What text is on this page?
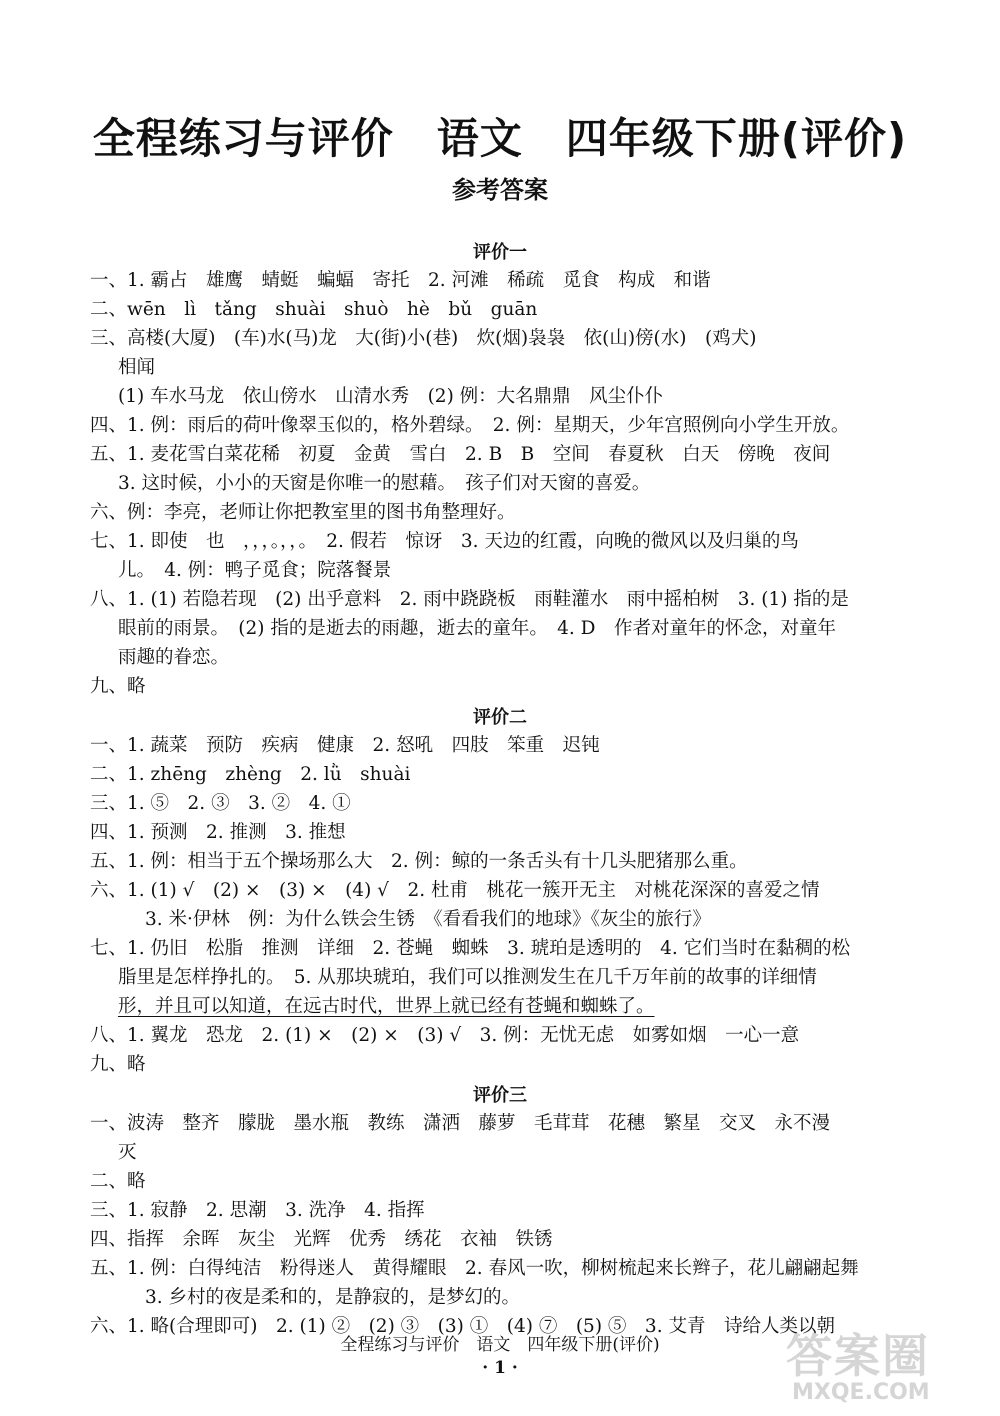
全程练习与评价　语文　四年级下册(评价)
参考答案
评价一
一、1. 霸占　雄鹰　蜻蜓　蝙蝠　寄托　2. 河滩　稀疏　觅食　构成　和谐
二、wēn　lì　tǎng　shuài　shuò　hè　bǔ　guān
三、高楼(大厦)　(车)水(马)龙　大(街)小(巷)　炊(烟)袅袅　依(山)傍(水)　(鸡犬)
相闻
(1) 车水马龙　依山傍水　山清水秀　(2) 例：大名鼎鼎　风尘仆仆
四、1. 例：雨后的荷叶像翠玉似的，格外碧绿。　2. 例：星期天，少年宫照例向小学生开放。
五、1. 麦花雪白菜花稀　初夏　金黄　雪白　2. B　B　空间　春夏秋　白天　傍晚　夜间
3. 这时候，小小的天窗是你唯一的慰藉。　孩子们对天窗的喜爱。
六、例：李亮，老师让你把教室里的图书角整理好。
七、1. 即使　也　，，，。，，。　2. 假若　惊讶　3. 天边的红霞，向晚的微风以及归巢的鸟
儿。　4. 例：鸭子觅食；院落餐景
八、1. (1) 若隐若现　(2) 出乎意料　2. 雨中跷跷板　雨鞋灌水　雨中摇柏树　3. (1) 指的是
眼前的雨景。　(2) 指的是逝去的雨趣，逝去的童年。　4. D　作者对童年的怀念，对童年
雨趣的眷恋。
九、略
评价二
一、1. 蔬菜　预防　疾病　健康　2. 怒吼　四肢　笨重　迟钝
二、1. zhēng　zhèng　2. lǜ　shuài
三、1. ⑤　2. ③　3. ②　4. ①
四、1. 预测　2. 推测　3. 推想
五、1. 例：相当于五个操场那么大　2. 例：鲸的一条舌头有十几头肥猪那么重。
六、1. (1) √　(2) ×　(3) ×　(4) √　2. 杜甫　桃花一簇开无主　对桃花深深的喜爱之情
3. 米·伊林　例：为什么铁会生锈　《看看我们的地球》《灰尘的旅行》
七、1. 仍旧　松脂　推测　详细　2. 苍蝇　蜘蛛　3. 琥珀是透明的　4. 它们当时在黏稠的松
脂里是怎样挣扎的。　5. 从那块琥珀，我们可以推测发生在几千万年前的故事的详细情
形，并且可以知道，在远古时代，世界上就已经有苍蝇和蜘蛛了。
八、1. 翼龙　恐龙　2. (1) ×　(2) ×　(3) √　3. 例：无忧无虑　如雾如烟　一心一意
九、略
评价三
一、波涛　整齐　朦胧　墨水瓶　教练　潇洒　藤萝　毛茸茸　花穗　繁星　交叉　永不漫
灭
二、略
三、1. 寂静　2. 思潮　3. 洗净　4. 指挥
四、指挥　余晖　灰尘　光辉　优秀　绣花　衣袖　铁锈
五、1. 例：白得纯洁　粉得迷人　黄得耀眼　2. 春风一吹，柳树梳起来长辫子，花儿翩翩起舞
3. 乡村的夜是柔和的，是静寂的，是梦幻的。
六、1. 略(合理即可)　2. (1) ②　(2) ③　(3) ①　(4) ⑦　(5) ⑤　3. 艾青　诗给人类以朝
全程练习与评价　语文　四年级下册(评价)
· 1 ·	答案圈
MXQE.COM
